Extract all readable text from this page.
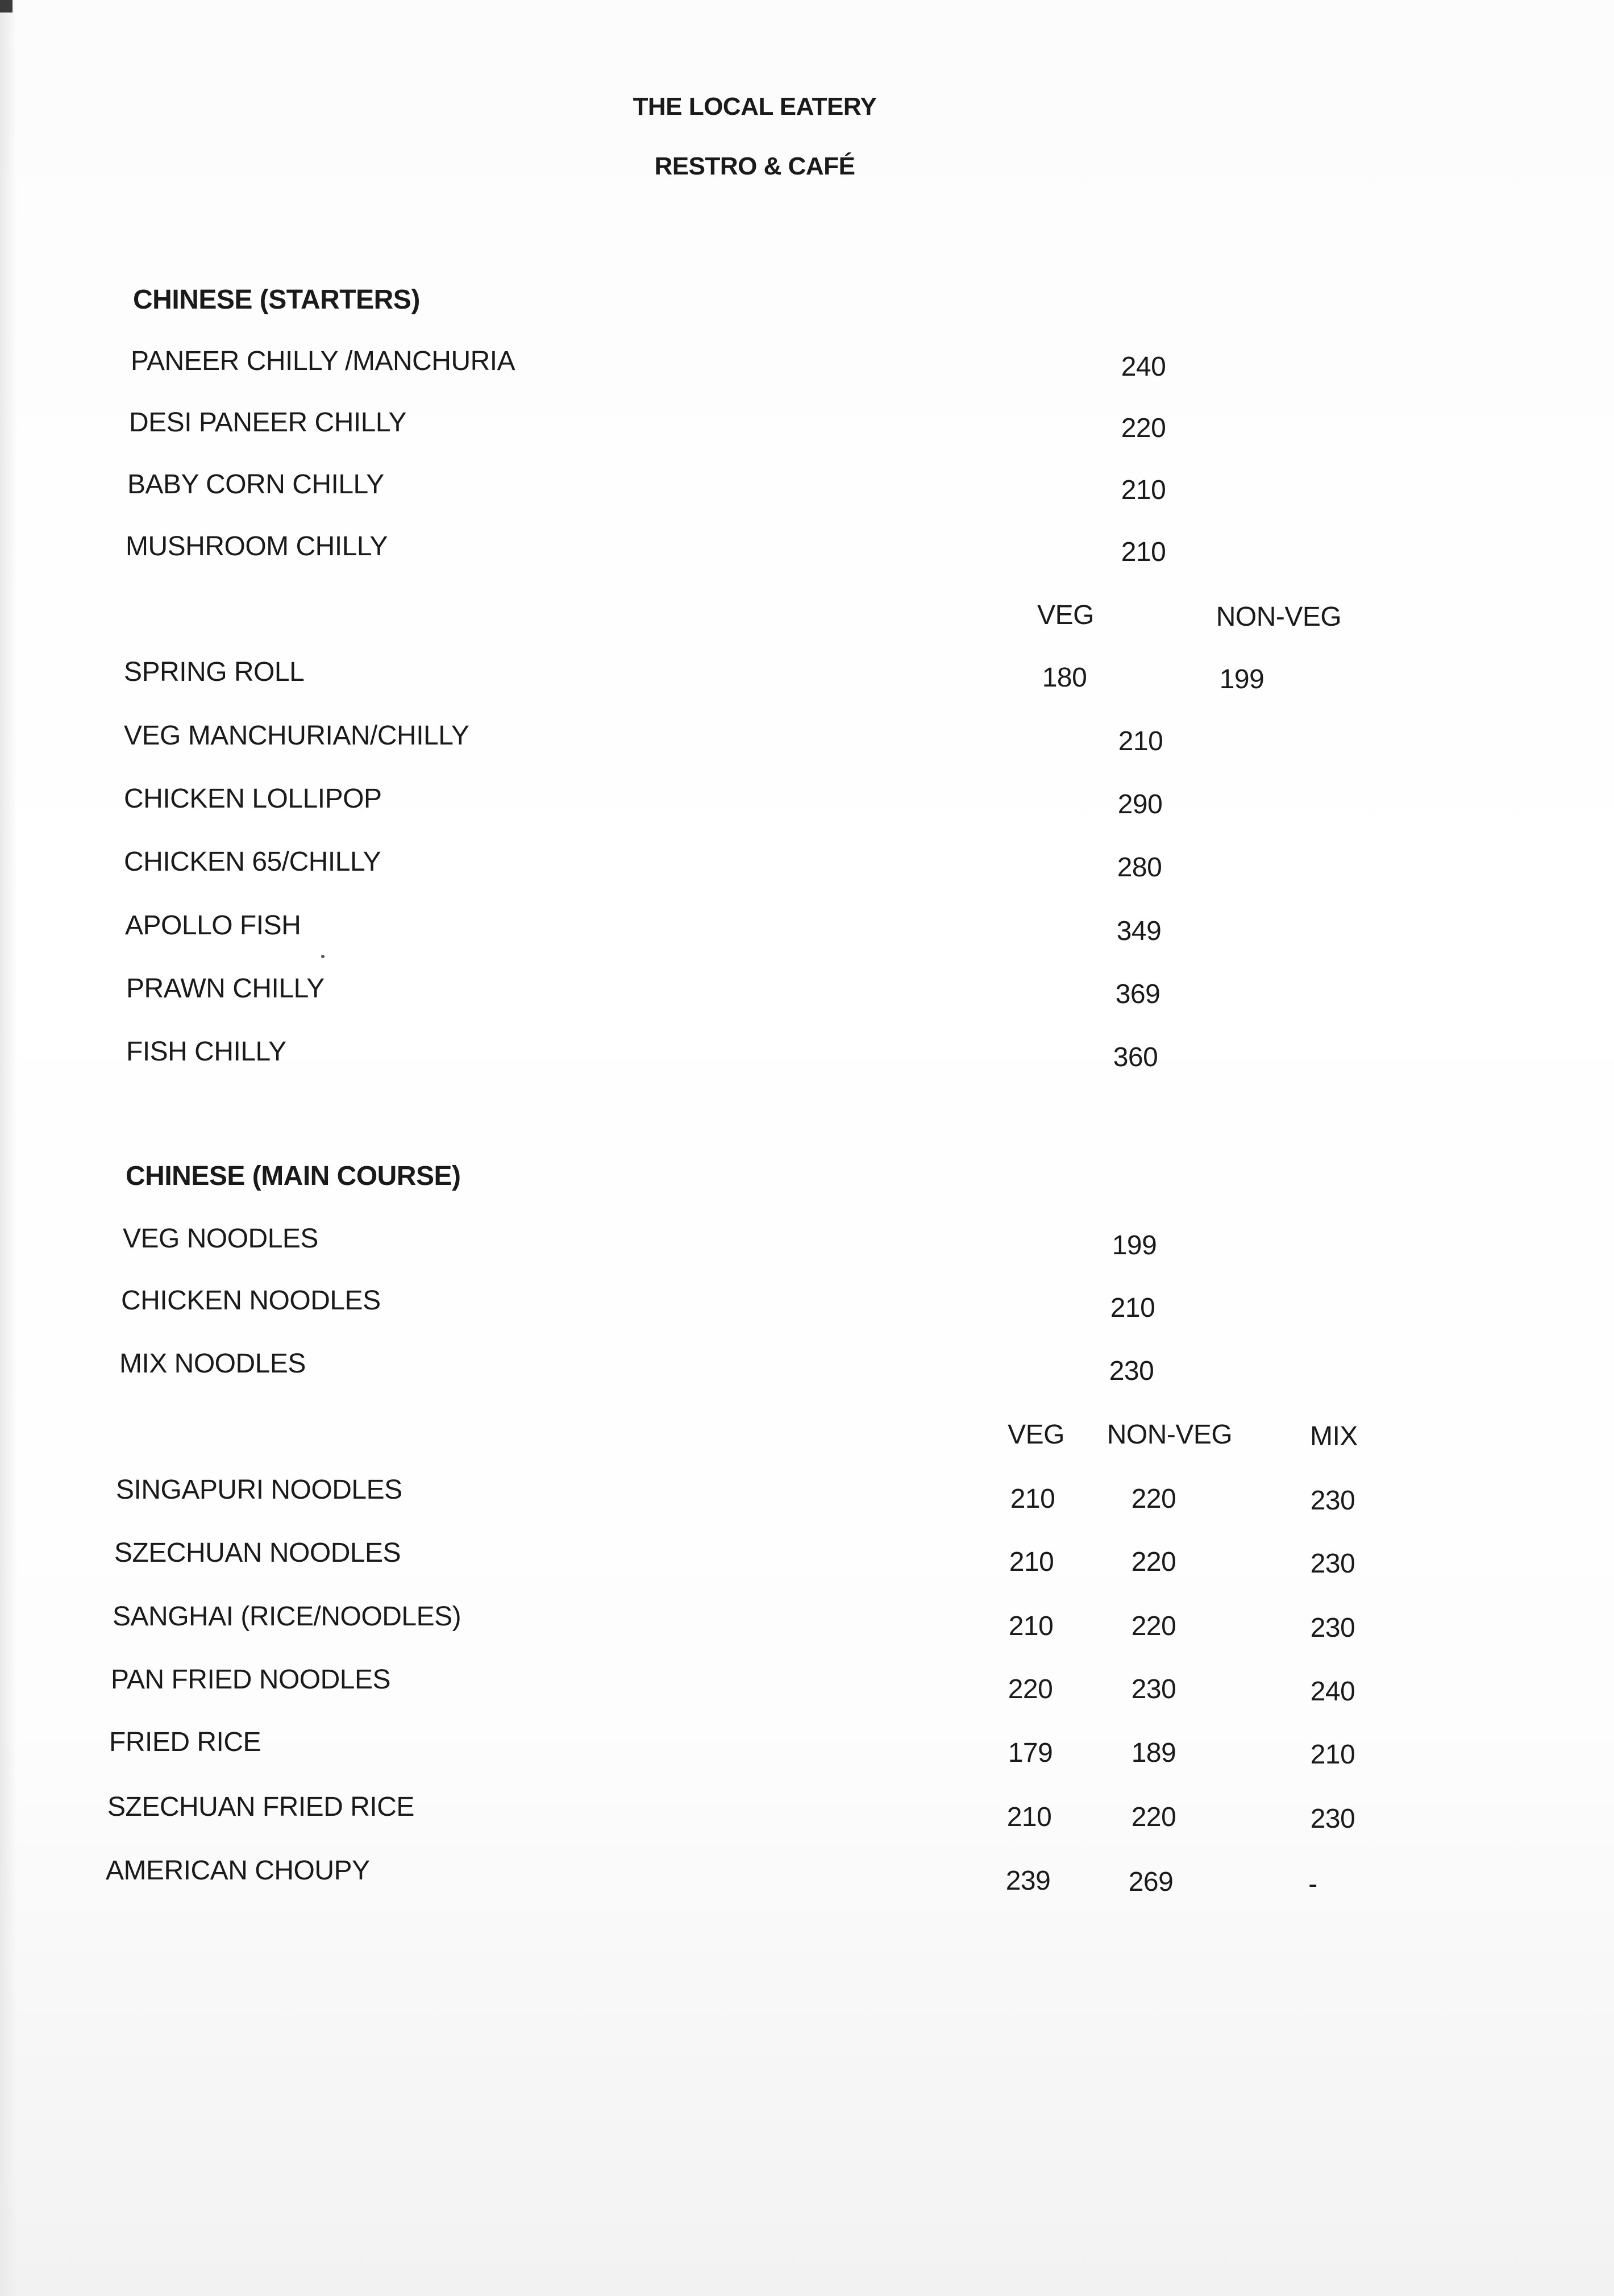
THE LOCAL EATERY
RESTRO & CAFÉ
CHINESE (STARTERS)
PANEER CHILLY /MANCHURIA	240
DESI PANEER CHILLY	220
BABY CORN CHILLY	210
MUSHROOM CHILLY	210
VEG	NON-VEG
SPRING ROLL	180	199
VEG MANCHURIAN/CHILLY	210
CHICKEN LOLLIPOP	290
CHICKEN 65/CHILLY	280
APOLLO FISH	349
PRAWN CHILLY	369
FISH CHILLY	360
CHINESE (MAIN COURSE)
VEG NOODLES	199
CHICKEN NOODLES	210
MIX NOODLES	230
VEG	NON-VEG	MIX
SINGAPURI NOODLES	210	220	230
SZECHUAN NOODLES	210	220	230
SANGHAI (RICE/NOODLES)	210	220	230
PAN FRIED NOODLES	220	230	240
FRIED RICE	179	189	210
SZECHUAN FRIED RICE	210	220	230
AMERICAN CHOUPY	239	269	-
